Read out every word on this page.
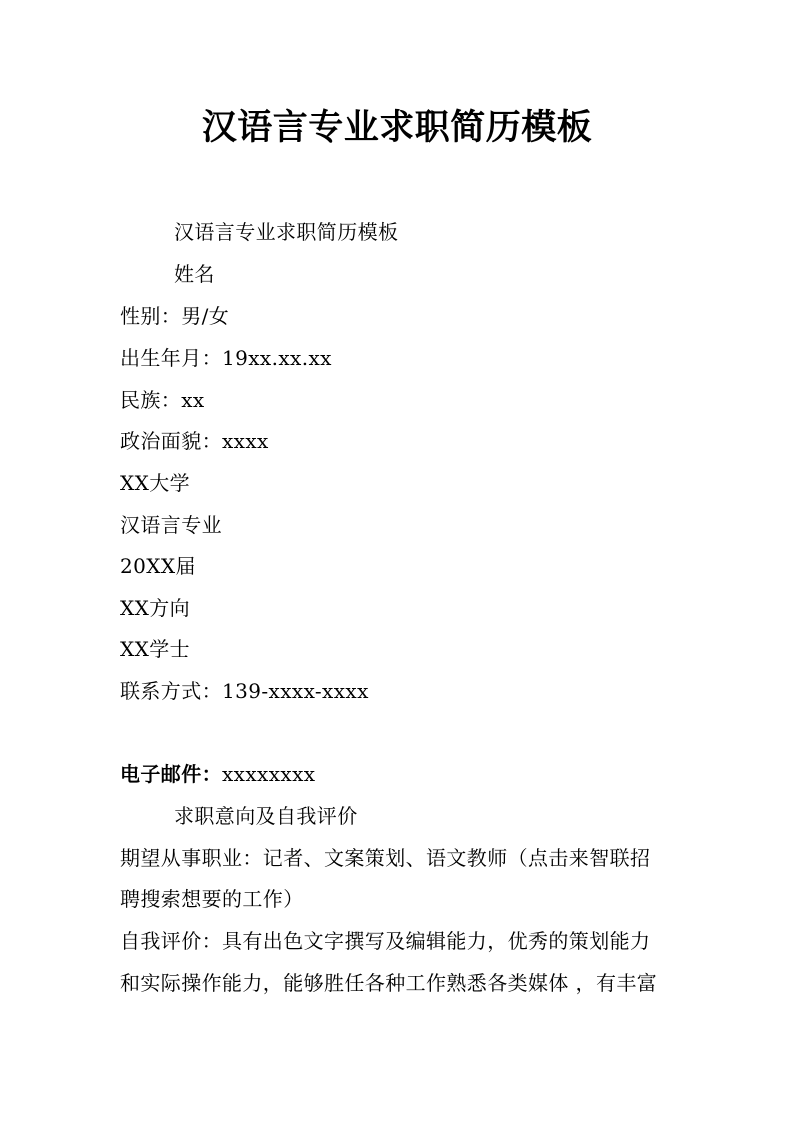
汉语言专业求职简历模板
汉语言专业求职简历模板
姓名
性别：男/女
出生年月：19xx.xx.xx
民族：xx
政治面貌：xxxx
XX大学
汉语言专业
20XX届
XX方向
XX学士
联系方式：139-xxxx-xxxx
电子邮件：xxxxxxxx
求职意向及自我评价
期望从事职业：记者、文案策划、语文教师（点击来智联招
聘搜索想要的工作）
自我评价：具有出色文字撰写及编辑能力，优秀的策划能力
和实际操作能力，能够胜任各种工作熟悉各类媒体 ，有丰富
